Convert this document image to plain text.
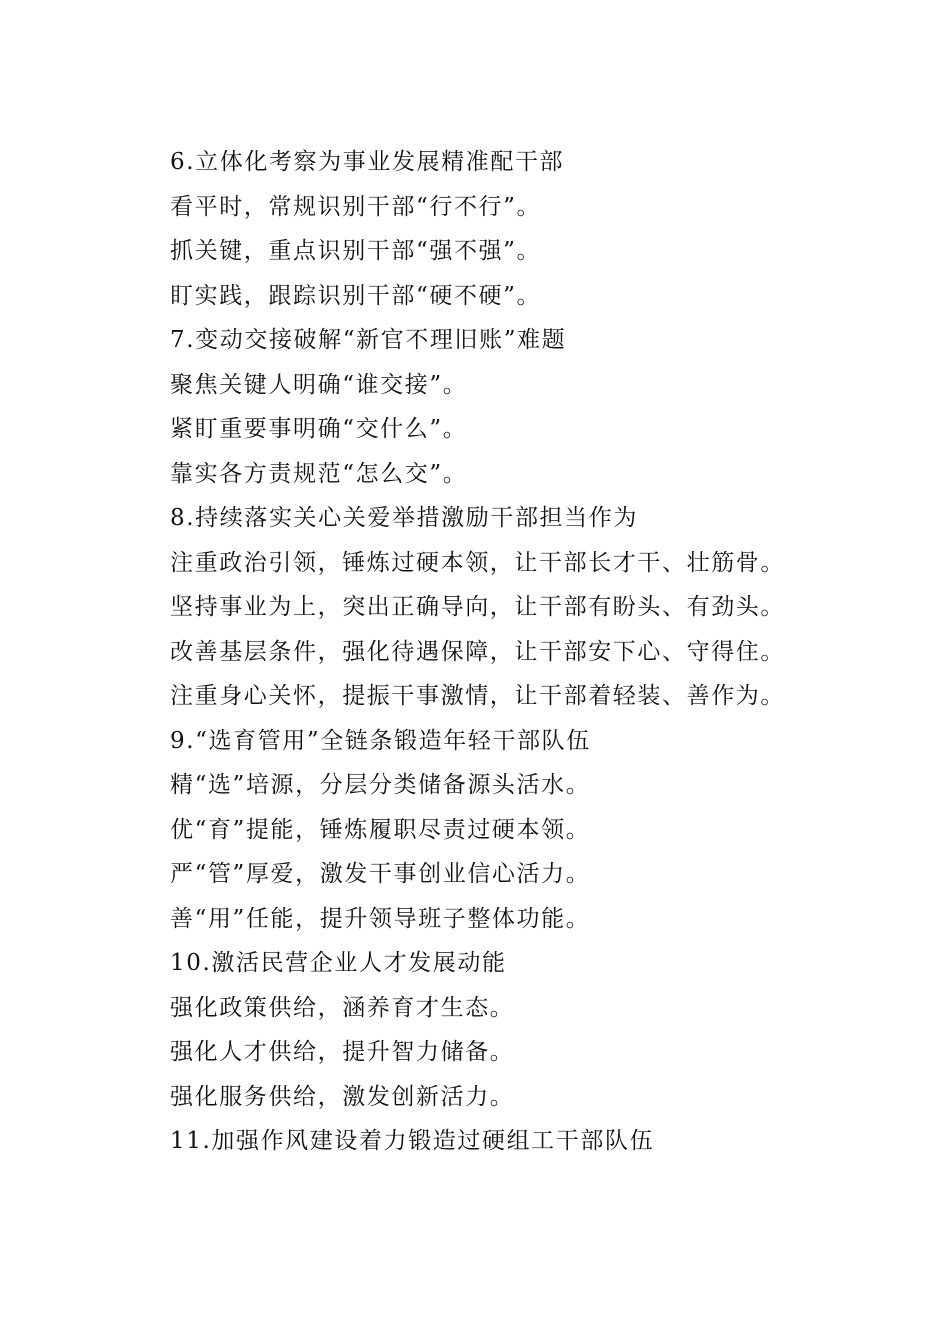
6.立体化考察为事业发展精准配干部
看平时，常规识别干部“行不行”。
抓关键，重点识别干部“强不强”。
盯实践，跟踪识别干部“硬不硬”。
7.变动交接破解“新官不理旧账”难题
聚焦关键人明确“谁交接”。
紧盯重要事明确“交什么”。
靠实各方责规范“怎么交”。
8.持续落实关心关爱举措激励干部担当作为
注重政治引领，锤炼过硬本领，让干部长才干、壮筋骨。
坚持事业为上，突出正确导向，让干部有盼头、有劲头。
改善基层条件，强化待遇保障，让干部安下心、守得住。
注重身心关怀，提振干事激情，让干部着轻装、善作为。
9.“选育管用”全链条锻造年轻干部队伍
精“选”培源，分层分类储备源头活水。
优“育”提能，锤炼履职尽责过硬本领。
严“管”厚爱，激发干事创业信心活力。
善“用”任能，提升领导班子整体功能。
10.激活民营企业人才发展动能
强化政策供给，涵养育才生态。
强化人才供给，提升智力储备。
强化服务供给，激发创新活力。
11.加强作风建设着力锻造过硬组工干部队伍
